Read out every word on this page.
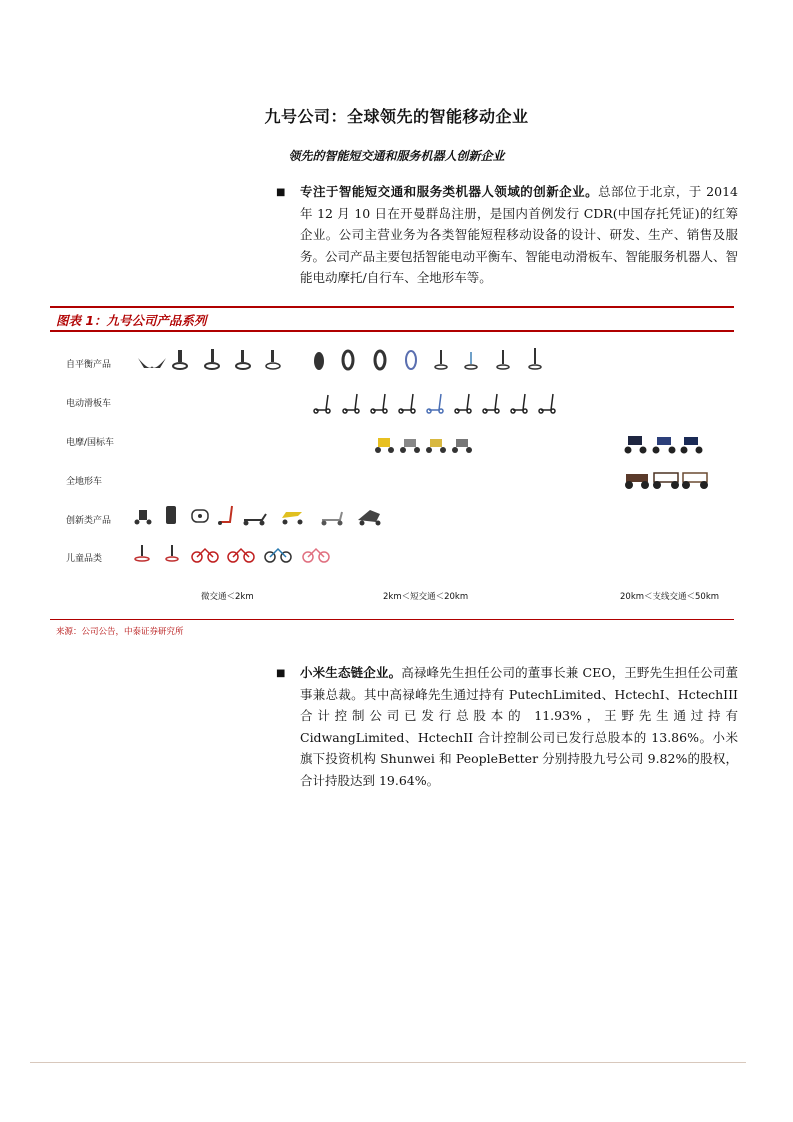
九号公司：全球领先的智能移动企业
领先的智能短交通和服务机器人创新企业
■ 专注于智能短交通和服务类机器人领域的创新企业。总部位于北京，于 2014 年 12 月 10 日在开曼群岛注册，是国内首例发行 CDR(中国存托凭证)的红筹企业。公司主营业务为各类智能短程移动设备的设计、研发、生产、销售及服务。公司产品主要包括智能电动平衡车、智能电动滑板车、智能服务机器人、智能电动摩托/自行车、全地形车等。
图表 1：九号公司产品系列
自平衡产品
电动滑板车
电摩/国标车
全地形车
创新类产品
儿童品类
微交通＜2km	2km＜短交通＜20km	20km＜支线交通＜50km
来源：公司公告，中泰证券研究所
■ 小米生态链企业。高禄峰先生担任公司的董事长兼 CEO，王野先生担任公司董事兼总裁。其中高禄峰先生通过持有 PutechLimited、HctechI、HctechIII 合计控制公司已发行总股本的 11.93%，王野先生通过持有 CidwangLimited、HctechII 合计控制公司已发行总股本的 13.86%。小米旗下投资机构 Shunwei 和 PeopleBetter 分别持股九号公司 9.82%的股权，合计持股达到 19.64%。
